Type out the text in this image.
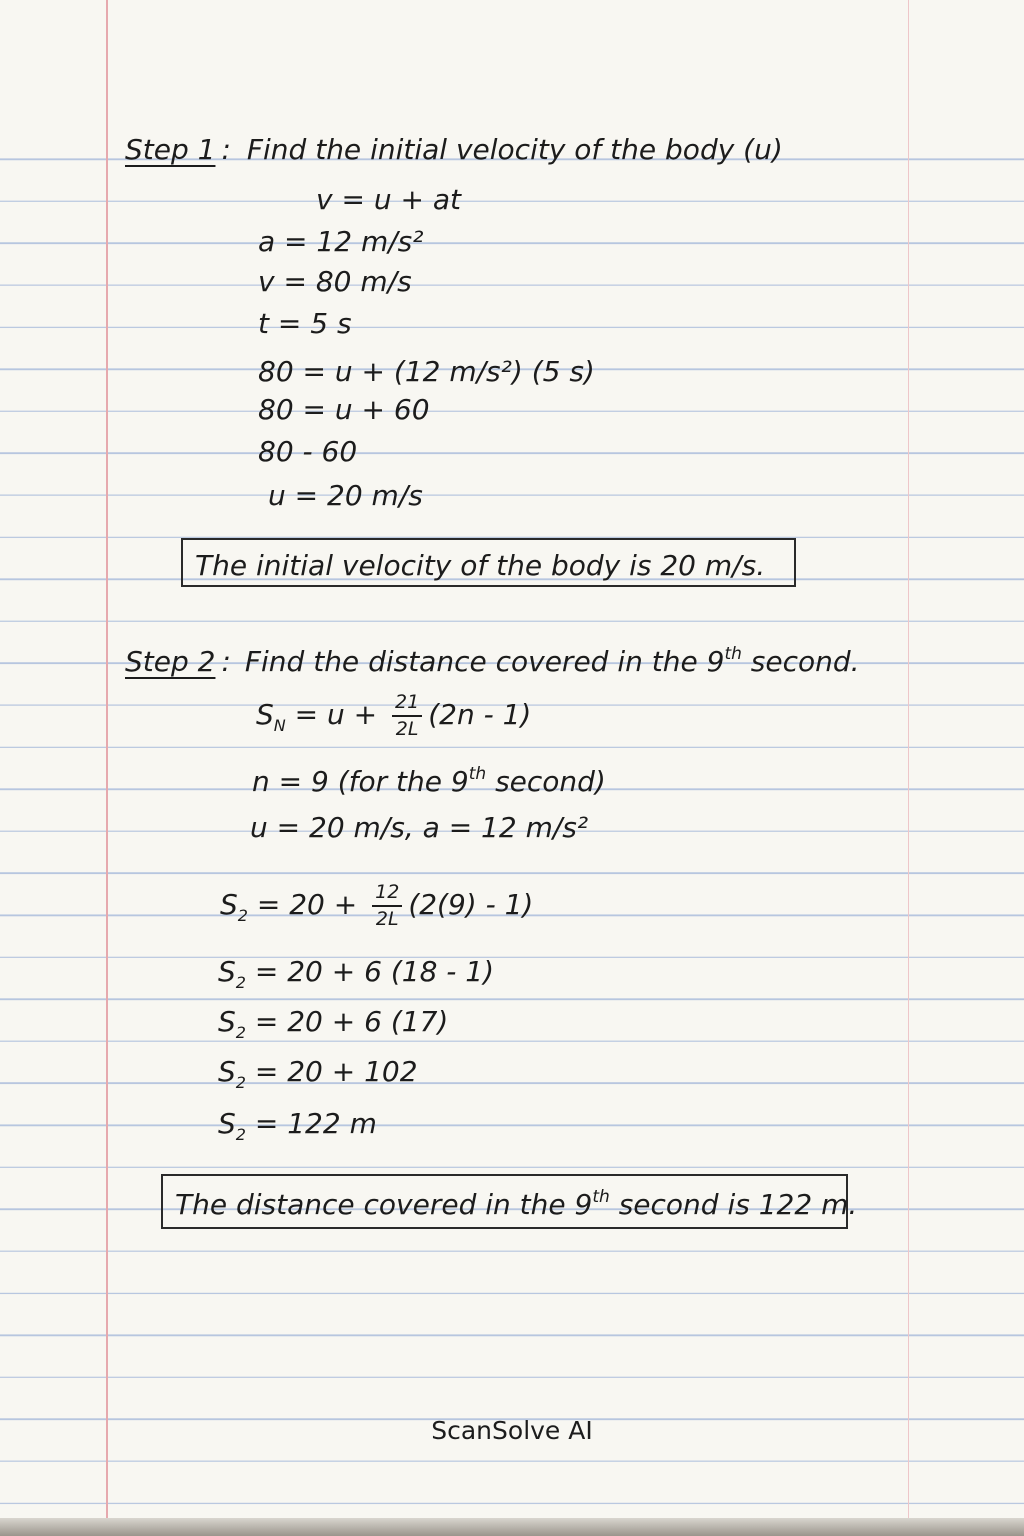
Step 1 : Find the initial velocity of the body (u)
v = u + at
a = 12 m/s²
v = 80 m/s
t = 5 s
80 = u + (12 m/s²) (5 s)
80 = u + 60
80 - 60
u = 20 m/s
The initial velocity of the body is 20 m/s.
Step 2 : Find the distance covered in the 9th second.
$S_N = u + \frac{21}{2L} (2n - 1)$
n = 9 (for the 9th second)
u = 20 m/s, a = 12 m/s²
$S_2 = 20 + \frac{12}{2L} (2(9) - 1)$
$S_2 = 20 + 6$ (18 - 1)
$S_2 = 20 + 6$ (17)
$S_2 = 20 + 102$
$S_2 = 122$ m
The distance covered in the 9th second is 122 m.
ScanSolve AI
